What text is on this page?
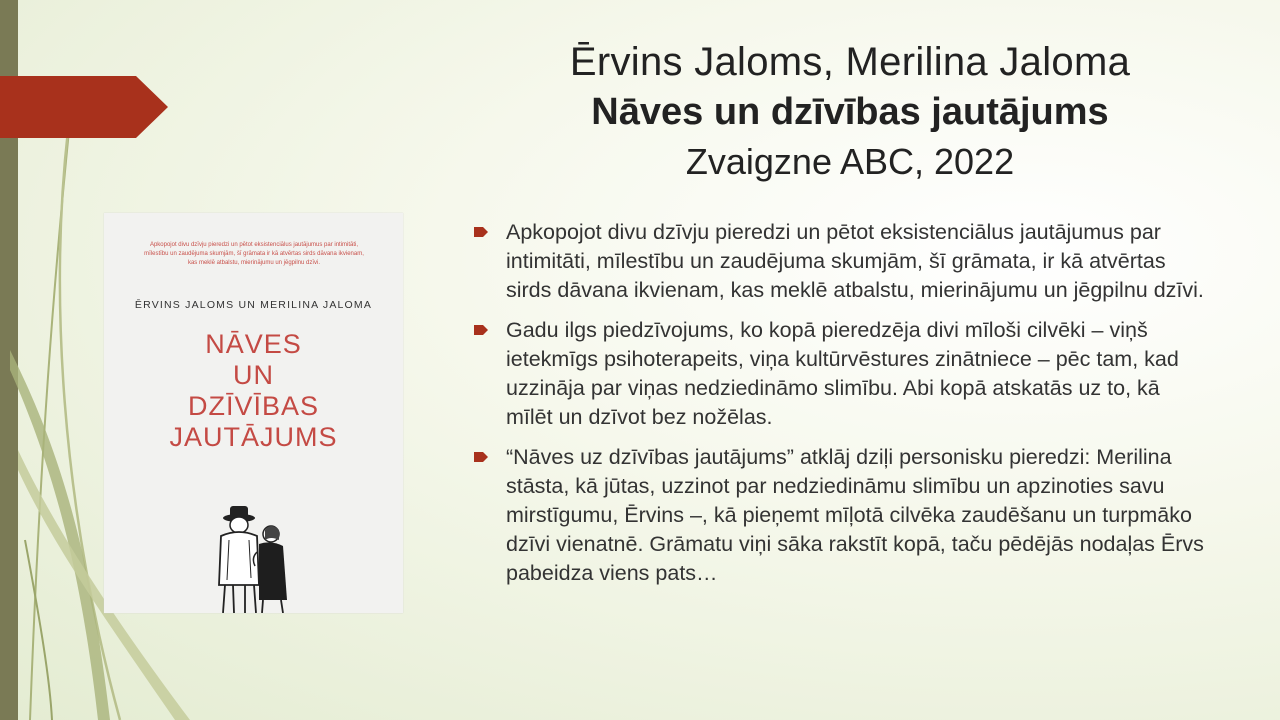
Ērvins Jaloms, Merilina Jaloma
Nāves un dzīvības jautājums
Zvaigzne ABC, 2022
Apkopojot divu dzīvju pieredzi un pētot eksistenciālus jautājumus par intimitāti, mīlestību un zaudējuma skumjām, šī grāmata ir kā atvērtas sirds dāvana ikvienam, kas meklē atbalstu, mierinājumu un jēgpilnu dzīvi.
ĒRVINS JALOMS UN MERILINA JALOMA
NĀVES
UN
DZĪVĪBAS
JAUTĀJUMS
Apkopojot divu dzīvju pieredzi un pētot eksistenciālus jautājumus par intimitāti, mīlestību un zaudējuma skumjām, šī grāmata, ir kā atvērtas sirds dāvana ikvienam, kas meklē atbalstu, mierinājumu un jēgpilnu dzīvi.
Gadu ilgs piedzīvojums, ko kopā pieredzēja divi mīloši cilvēki – viņš ietekmīgs psihoterapeits, viņa kultūrvēstures zinātniece – pēc tam, kad uzzināja par viņas nedziedināmo slimību. Abi kopā atskatās uz to, kā mīlēt un dzīvot bez nožēlas.
“Nāves uz dzīvības jautājums” atklāj dziļi personisku pieredzi: Merilina stāsta, kā jūtas, uzzinot par nedziedināmu slimību un apzinoties savu mirstīgumu, Ērvins –, kā pieņemt mīļotā cilvēka zaudēšanu un turpmāko dzīvi vienatnē. Grāmatu viņi sāka rakstīt kopā, taču pēdējās nodaļas Ērvs pabeidza viens pats…
